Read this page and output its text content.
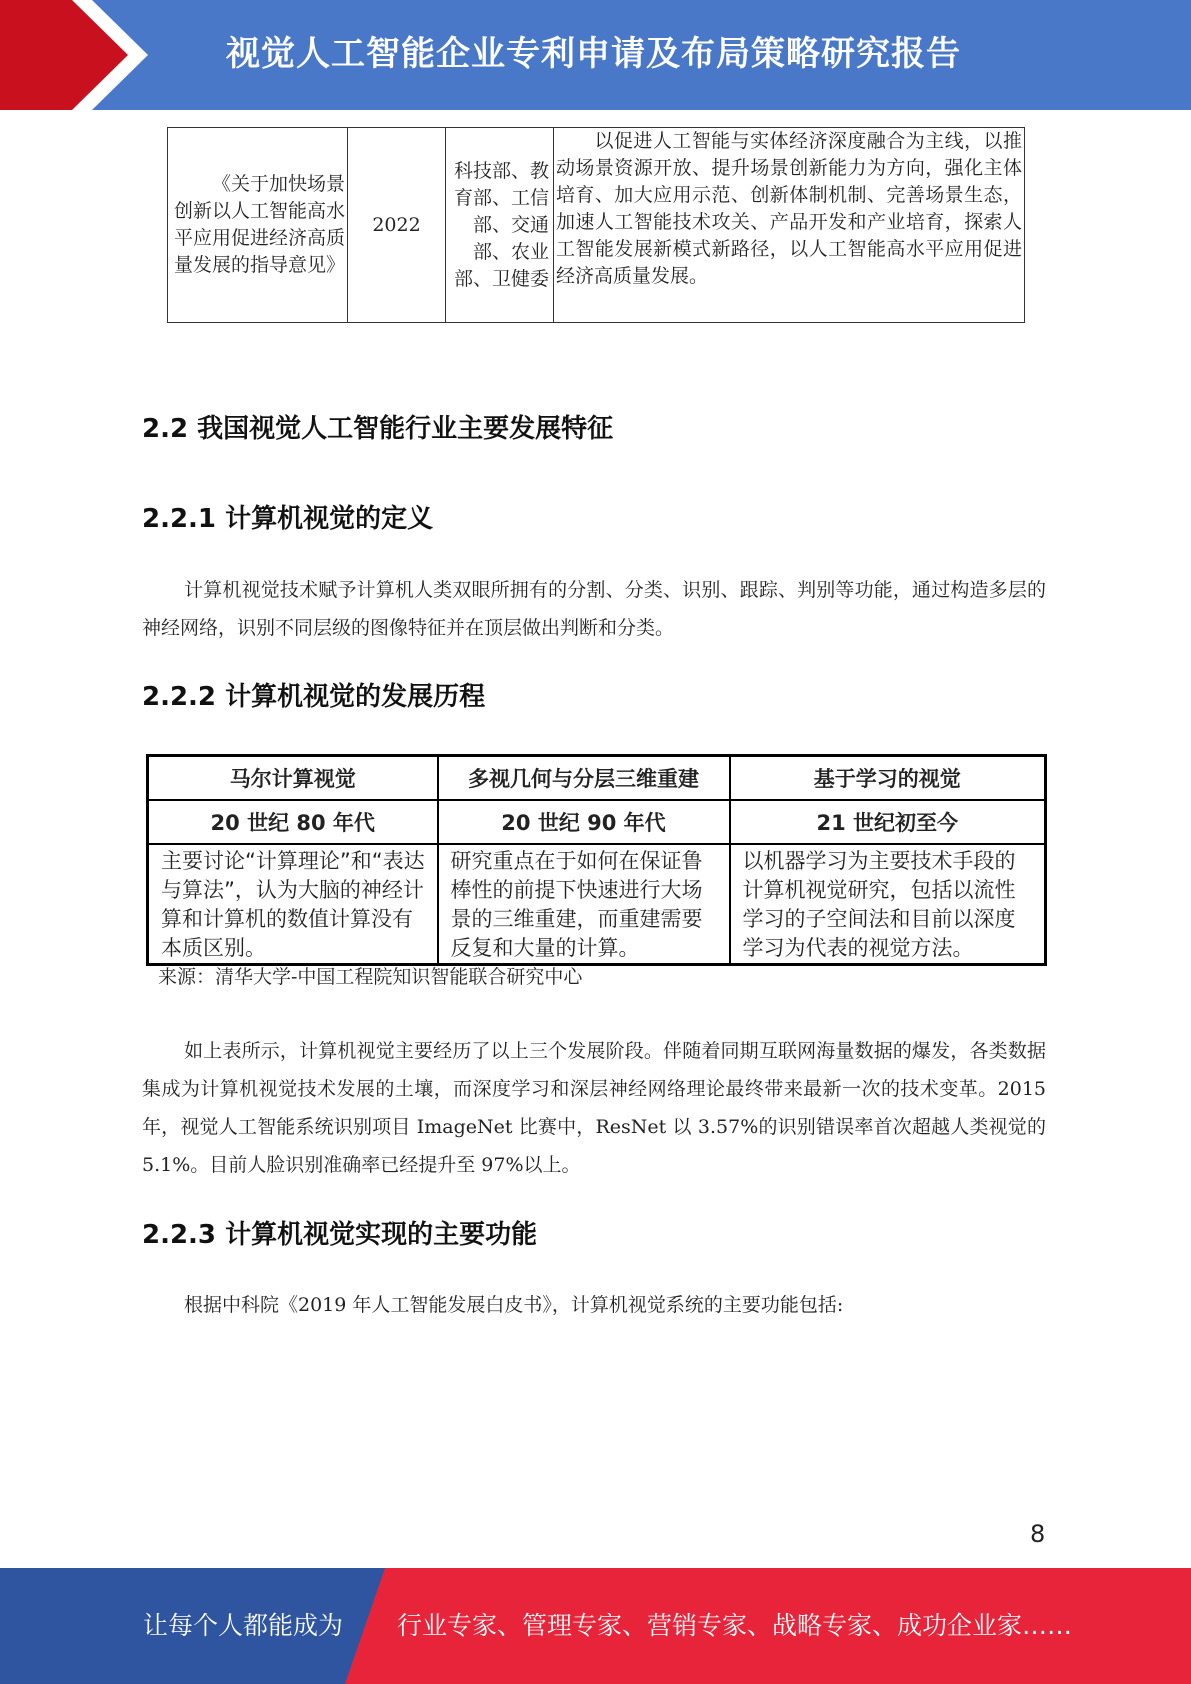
视觉人工智能企业专利申请及布局策略研究报告
《关于加快场景创新以人工智能高水平应用促进经济高质量发展的指导意见》	2022	科技部、教育部、工信部、交通部、农业部、卫健委	以促进人工智能与实体经济深度融合为主线，以推动场景资源开放、提升场景创新能力为方向，强化主体培育、加大应用示范、创新体制机制、完善场景生态，加速人工智能技术攻关、产品开发和产业培育，探索人工智能发展新模式新路径，以人工智能高水平应用促进经济高质量发展。
2.2 我国视觉人工智能行业主要发展特征
2.2.1 计算机视觉的定义

计算机视觉技术赋予计算机人类双眼所拥有的分割、分类、识别、跟踪、判别等功能，通过构造多层的神经网络，识别不同层级的图像特征并在顶层做出判断和分类。

2.2.2 计算机视觉的发展历程
马尔计算视觉	多视几何与分层三维重建	基于学习的视觉
20 世纪 80 年代	20 世纪 90 年代	21 世纪初至今
主要讨论“计算理论”和“表达与算法”，认为大脑的神经计算和计算机的数值计算没有本质区别。	研究重点在于如何在保证鲁棒性的前提下快速进行大场景的三维重建，而重建需要反复和大量的计算。	以机器学习为主要技术手段的计算机视觉研究，包括以流性学习的子空间法和目前以深度学习为代表的视觉方法。

来源：清华大学-中国工程院知识智能联合研究中心

如上表所示，计算机视觉主要经历了以上三个发展阶段。伴随着同期互联网海量数据的爆发，各类数据集成为计算机视觉技术发展的土壤，而深度学习和深层神经网络理论最终带来最新一次的技术变革。2015 年，视觉人工智能系统识别项目 ImageNet 比赛中，ResNet 以 3.57%的识别错误率首次超越人类视觉的 5.1%。目前人脸识别准确率已经提升至 97%以上。

2.2.3 计算机视觉实现的主要功能

根据中科院《2019 年人工智能发展白皮书》，计算机视觉系统的主要功能包括:

8
让每个人都能成为 行业专家、管理专家、营销专家、战略专家、成功企业家……
